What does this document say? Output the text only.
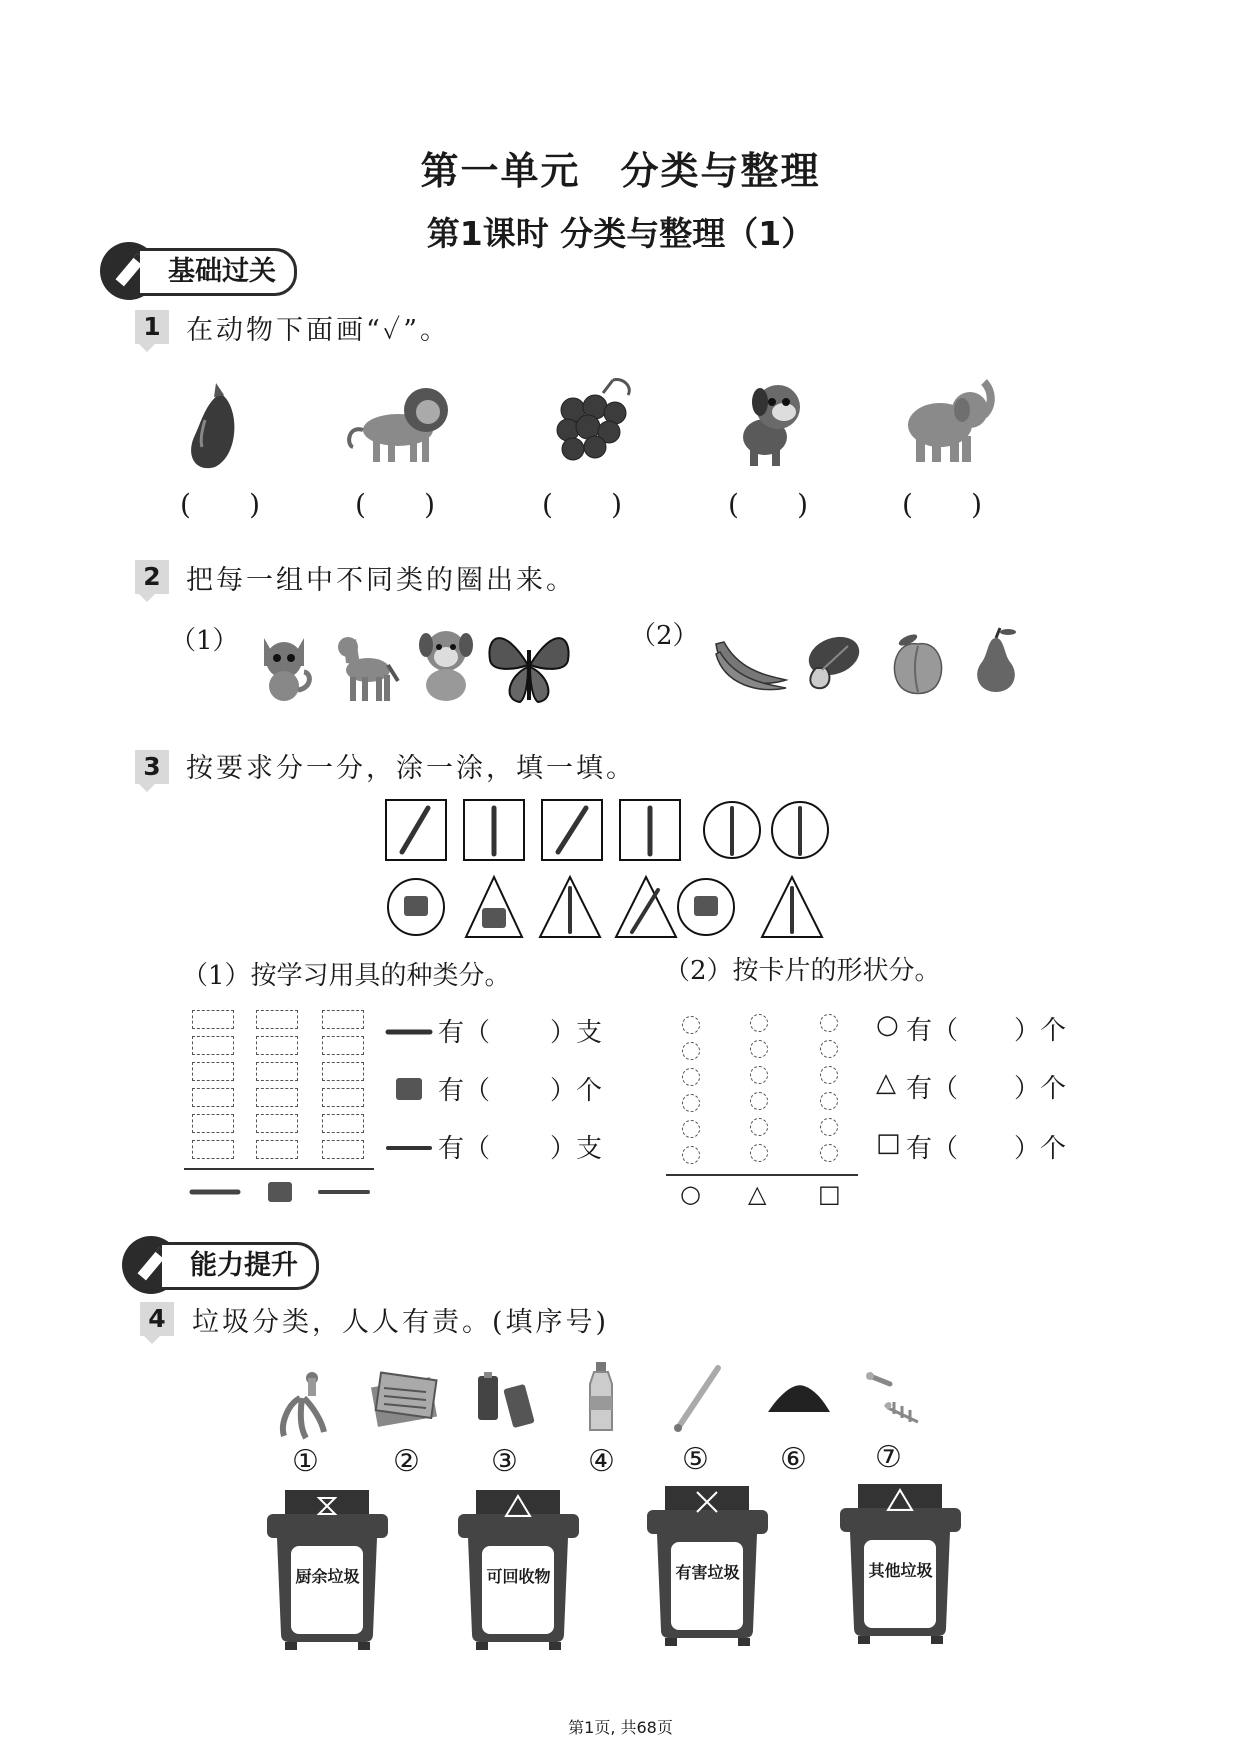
第一单元　分类与整理
第1课时 分类与整理（1）
基础过关
1 在动物下面画“✓”。
( )	( )	( )	( )	( )
2 把每一组中不同类的圈出来。
（1）	（2）
3 按要求分一分，涂一涂，填一填。
（1）按学习用具的种类分。	（2）按卡片的形状分。
有（ ）支
有（ ）个
有（ ）支
○ △ □
○ 有（ ）个
△ 有（ ）个
□ 有（ ）个
能力提升
4 垃圾分类，人人有责。(填序号)
① ② ③ ④ ⑤ ⑥ ⑦
厨余垃圾	可回收物	有害垃圾	其他垃圾
第1页, 共68页
